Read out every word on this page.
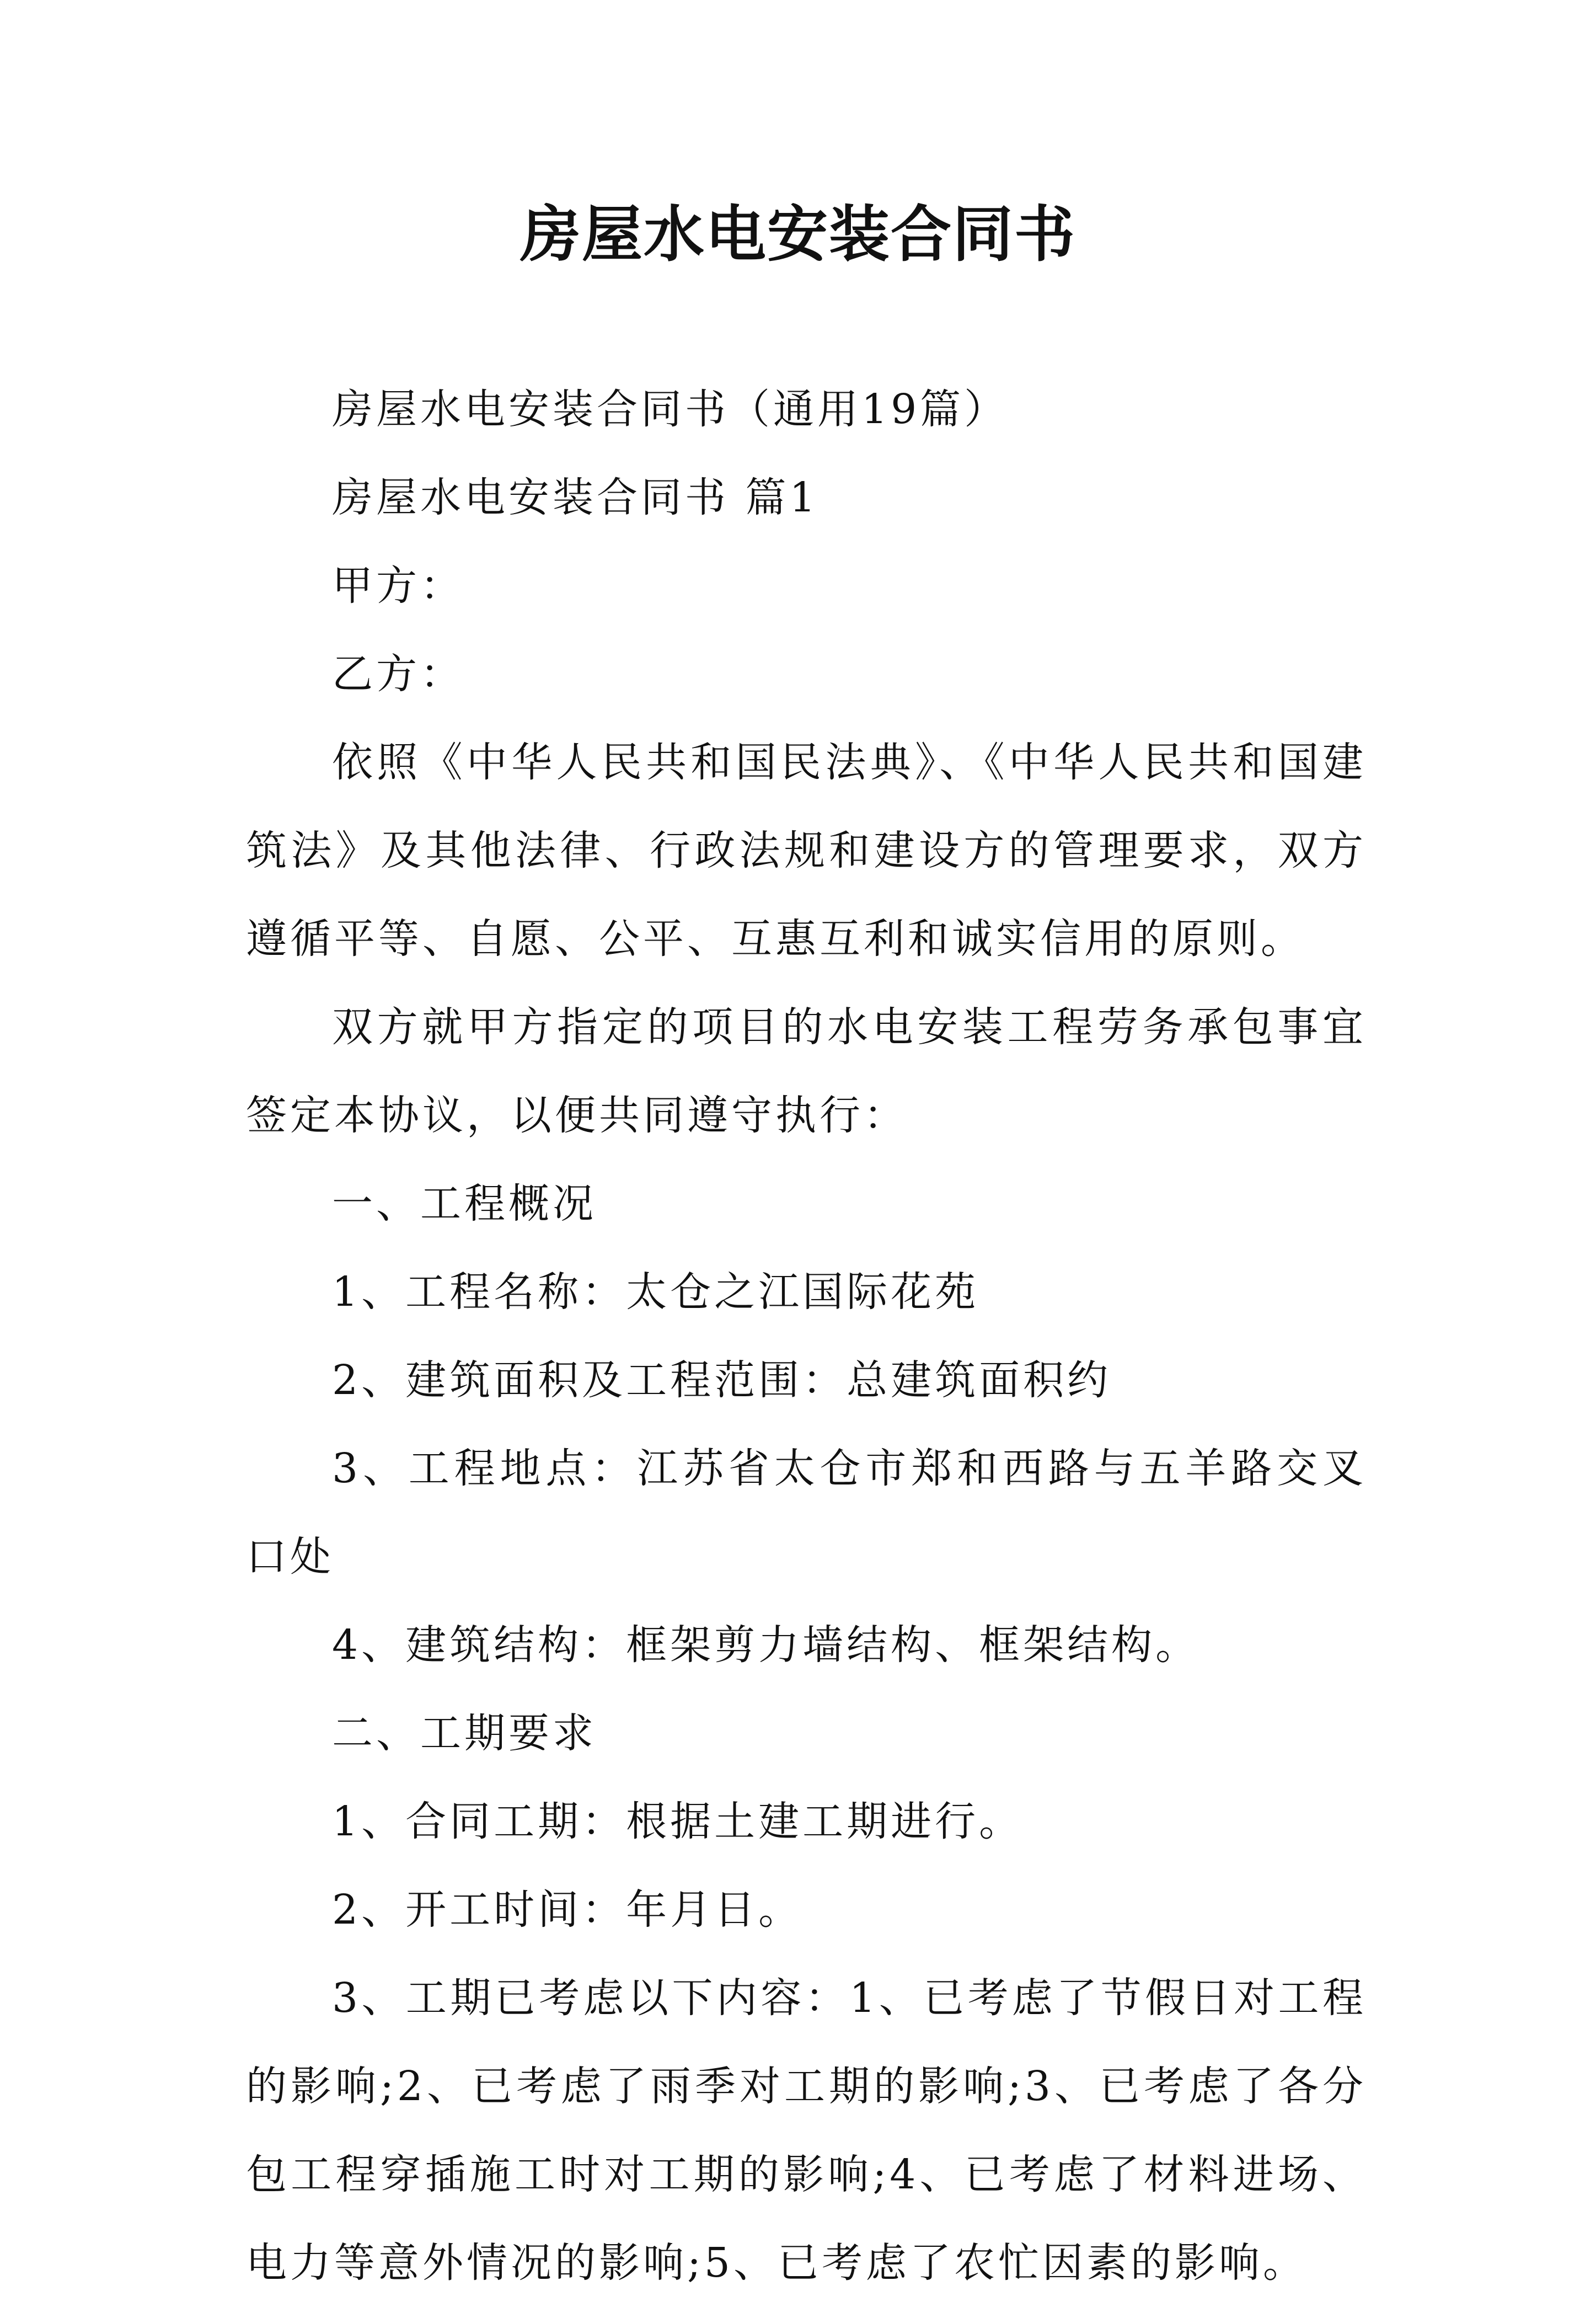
房屋水电安装合同书

房屋水电安装合同书（通用19篇）

房屋水电安装合同书 篇1

甲方：

乙方：

依照《中华人民共和国民法典》、《中华人民共和国建筑法》及其他法律、行政法规和建设方的管理要求，双方遵循平等、自愿、公平、互惠互利和诚实信用的原则。

双方就甲方指定的项目的水电安装工程劳务承包事宜签定本协议，以便共同遵守执行：

一、工程概况

1、工程名称：太仓之江国际花苑

2、建筑面积及工程范围：总建筑面积约

3、工程地点：江苏省太仓市郑和西路与五羊路交叉口处

4、建筑结构：框架剪力墙结构、框架结构。

二、工期要求

1、合同工期：根据土建工期进行。

2、开工时间：年月日。

3、工期已考虑以下内容：1、已考虑了节假日对工程的影响;2、已考虑了雨季对工期的影响;3、已考虑了各分包工程穿插施工时对工期的影响;4、已考虑了材料进场、电力等意外情况的影响;5、已考虑了农忙因素的影响。
